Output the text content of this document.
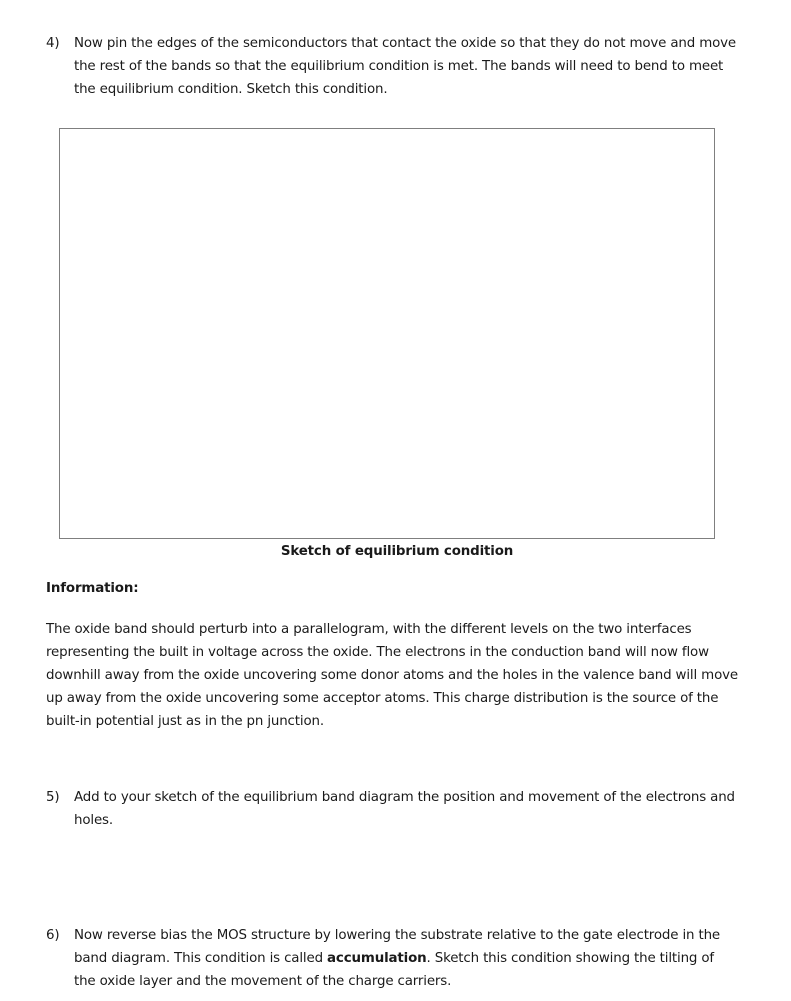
4)	Now pin the edges of the semiconductors that contact the oxide so that they do not move and move the rest of the bands so that the equilibrium condition is met. The bands will need to bend to meet the equilibrium condition. Sketch this condition.
Sketch of equilibrium condition
Information:
The oxide band should perturb into a parallelogram, with the different levels on the two interfaces representing the built in voltage across the oxide. The electrons in the conduction band will now flow downhill away from the oxide uncovering some donor atoms and the holes in the valence band will move up away from the oxide uncovering some acceptor atoms. This charge distribution is the source of the built-in potential just as in the pn junction.
5)	Add to your sketch of the equilibrium band diagram the position and movement of the electrons and holes.
6)	Now reverse bias the MOS structure by lowering the substrate relative to the gate electrode in the band diagram. This condition is called accumulation. Sketch this condition showing the tilting of the oxide layer and the movement of the charge carriers.
